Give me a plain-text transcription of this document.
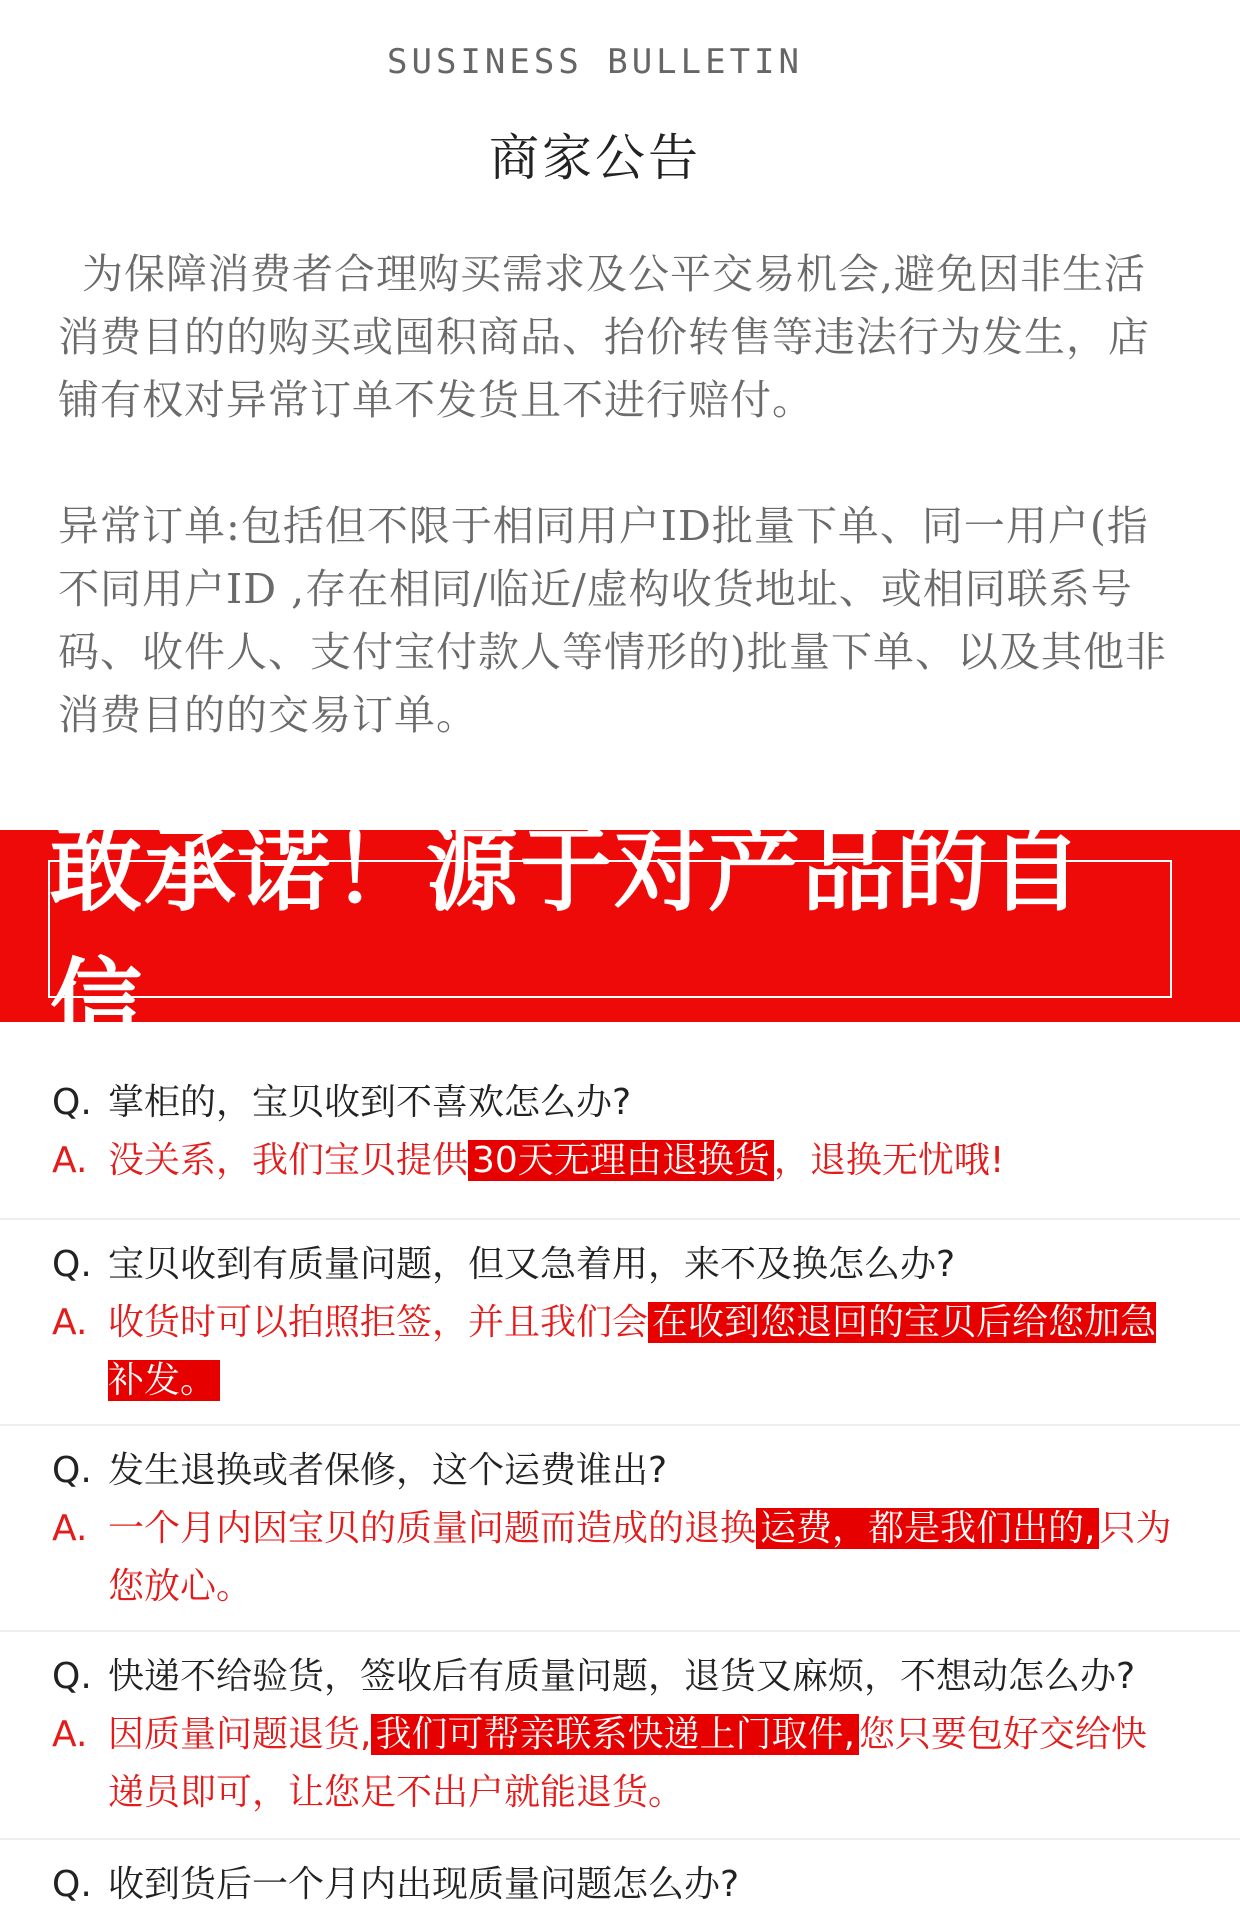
SUSINESS BULLETIN
商家公告

为保障消费者合理购买需求及公平交易机会,避免因非生活消费目的的购买或囤积商品、抬价转售等违法行为发生，店铺有权对异常订单不发货且不进行赔付。

异常订单:包括但不限于相同用户ID批量下单、同一用户(指不同用户ID ,存在相同/临近/虚构收货地址、或相同联系号码、收件人、支付宝付款人等情形的)批量下单、以及其他非消费目的的交易订单。

敢承诺！源于对产品的自信
Q. 掌柜的，宝贝收到不喜欢怎么办?
A. 没关系，我们宝贝提供 30天无理由退换货 ，退换无忧哦!
Q. 宝贝收到有质量问题，但又急着用，来不及换怎么办?
A. 收货时可以拍照拒签，并且我们会 在收到您退回的宝贝后给您加急补发。
Q. 发生退换或者保修，这个运费谁出?
A. 一个月内因宝贝的质量问题而造成的退换 运费，都是我们出的, 只为您放心。
Q. 快递不给验货，签收后有质量问题，退货又麻烦，不想动怎么办?
A. 因质量问题退货, 我们可帮亲联系快递上门取件, 您只要包好交给快递员即可，让您足不出户就能退货。
Q. 收到货后一个月内出现质量问题怎么办?
